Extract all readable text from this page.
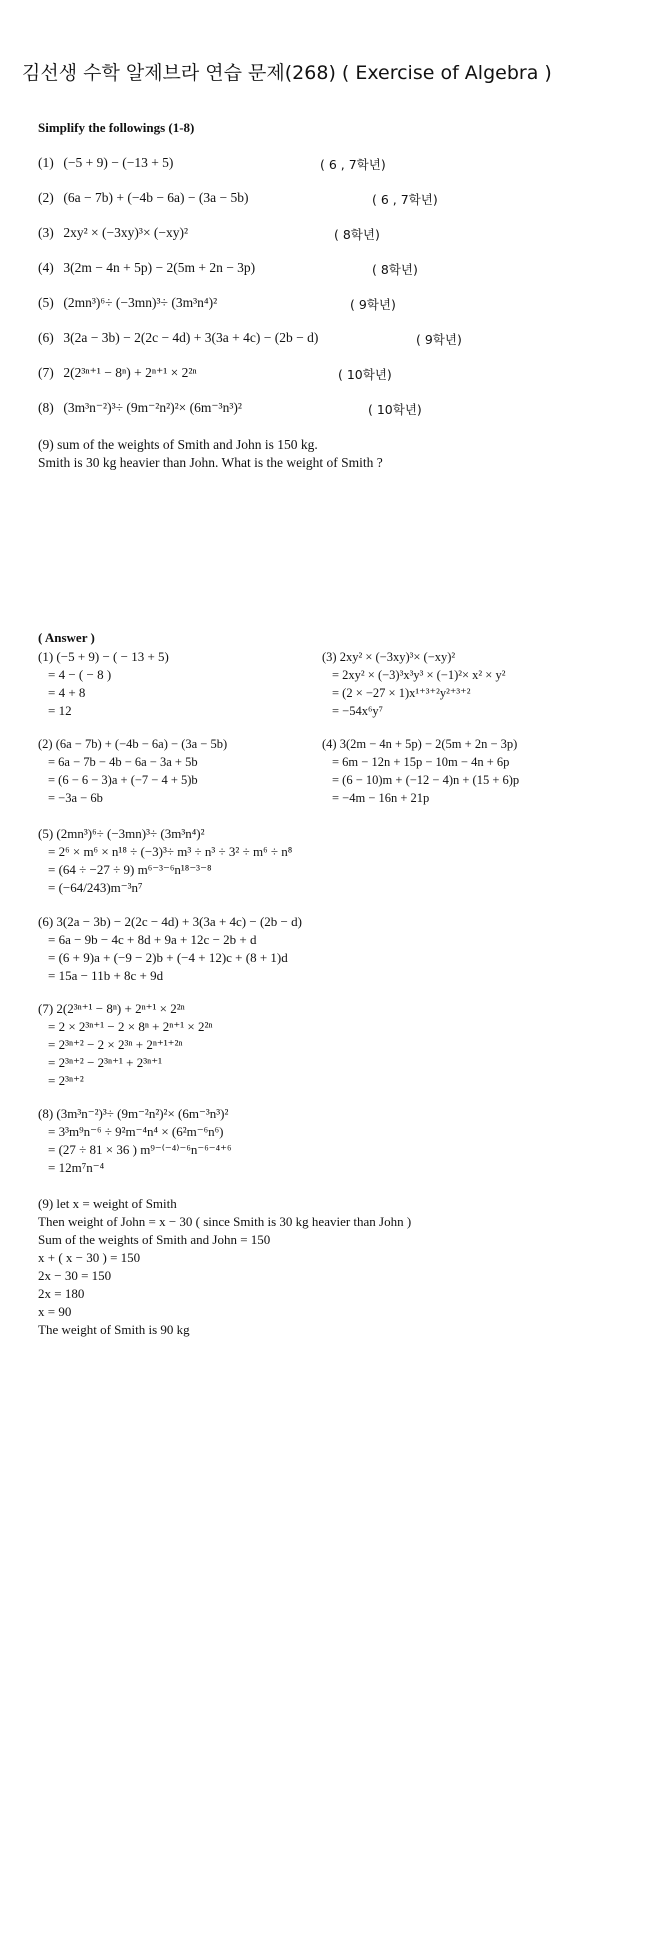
김선생 수학 알제브라 연습 문제(268) ( Exercise of Algebra )
Simplify the followings (1-8)
(1) (−5 + 9) − (−13 + 5)	( 6 , 7학년)
(2) (6a − 7b) + (−4b − 6a) − (3a − 5b)	( 6 , 7학년)
(3) 2xy² × (−3xy)³× (−xy)²	( 8학년)
(4) 3(2m − 4n + 5p) − 2(5m + 2n − 3p)	( 8학년)
(5) (2mn³)⁶÷ (−3mn)³÷ (3m³n⁴)²	( 9학년)
(6) 3(2a − 3b) − 2(2c − 4d) + 3(3a + 4c) − (2b − d)	( 9학년)
(7) 2(2³ⁿ⁺¹ − 8ⁿ) + 2ⁿ⁺¹ × 2²ⁿ	( 10학년)
(8) (3m³n⁻²)³÷ (9m⁻²n²)²× (6m⁻³n³)²	( 10학년)
(9) sum of the weights of Smith and John is 150 kg.
Smith is 30 kg heavier than John. What is the weight of Smith ?
( Answer )
(1) (−5 + 9) − ( − 13 + 5)
= 4 − ( − 8 )
= 4 + 8
= 12
(3) 2xy² × (−3xy)³× (−xy)²
= 2xy² × (−3)³x³y³ × (−1)²× x² × y²
= (2 × −27 × 1)x¹⁺³⁺²y²⁺³⁺²
= −54x⁶y⁷
(2) (6a − 7b) + (−4b − 6a) − (3a − 5b)
= 6a − 7b − 4b − 6a − 3a + 5b
= (6 − 6 − 3)a + (−7 − 4 + 5)b
= −3a − 6b
(4) 3(2m − 4n + 5p) − 2(5m + 2n − 3p)
= 6m − 12n + 15p − 10m − 4n + 6p
= (6 − 10)m + (−12 − 4)n + (15 + 6)p
= −4m − 16n + 21p
(5) (2mn³)⁶÷ (−3mn)³÷ (3m³n⁴)²
= 2⁶ × m⁶ × n¹⁸ ÷ (−3)³÷ m³ ÷ n³ ÷ 3² ÷ m⁶ ÷ n⁸
= (64 ÷ −27 ÷ 9) m⁶⁻³⁻⁶n¹⁸⁻³⁻⁸
= (−64/243)m⁻³n⁷
(6) 3(2a − 3b) − 2(2c − 4d) + 3(3a + 4c) − (2b − d)
= 6a − 9b − 4c + 8d + 9a + 12c − 2b + d
= (6 + 9)a + (−9 − 2)b + (−4 + 12)c + (8 + 1)d
= 15a − 11b + 8c + 9d
(7) 2(2³ⁿ⁺¹ − 8ⁿ) + 2ⁿ⁺¹ × 2²ⁿ
= 2 × 2³ⁿ⁺¹ − 2 × 8ⁿ + 2ⁿ⁺¹ × 2²ⁿ
= 2³ⁿ⁺² − 2 × 2³ⁿ + 2ⁿ⁺¹⁺²ⁿ
= 2³ⁿ⁺² − 2³ⁿ⁺¹ + 2³ⁿ⁺¹
= 2³ⁿ⁺²
(8) (3m³n⁻²)³÷ (9m⁻²n²)²× (6m⁻³n³)²
= 3³m⁹n⁻⁶ ÷ 9²m⁻⁴n⁴ × (6²m⁻⁶n⁶)
= (27 ÷ 81 × 36 ) m⁹⁻⁽⁻⁴⁾⁻⁶n⁻⁶⁻⁴⁺⁶
= 12m⁷n⁻⁴
(9) let x = weight of Smith
Then weight of John = x − 30 ( since Smith is 30 kg heavier than John )
Sum of the weights of Smith and John = 150
x + ( x − 30 ) = 150
2x − 30 = 150
2x = 180
x = 90
The weight of Smith is 90 kg
